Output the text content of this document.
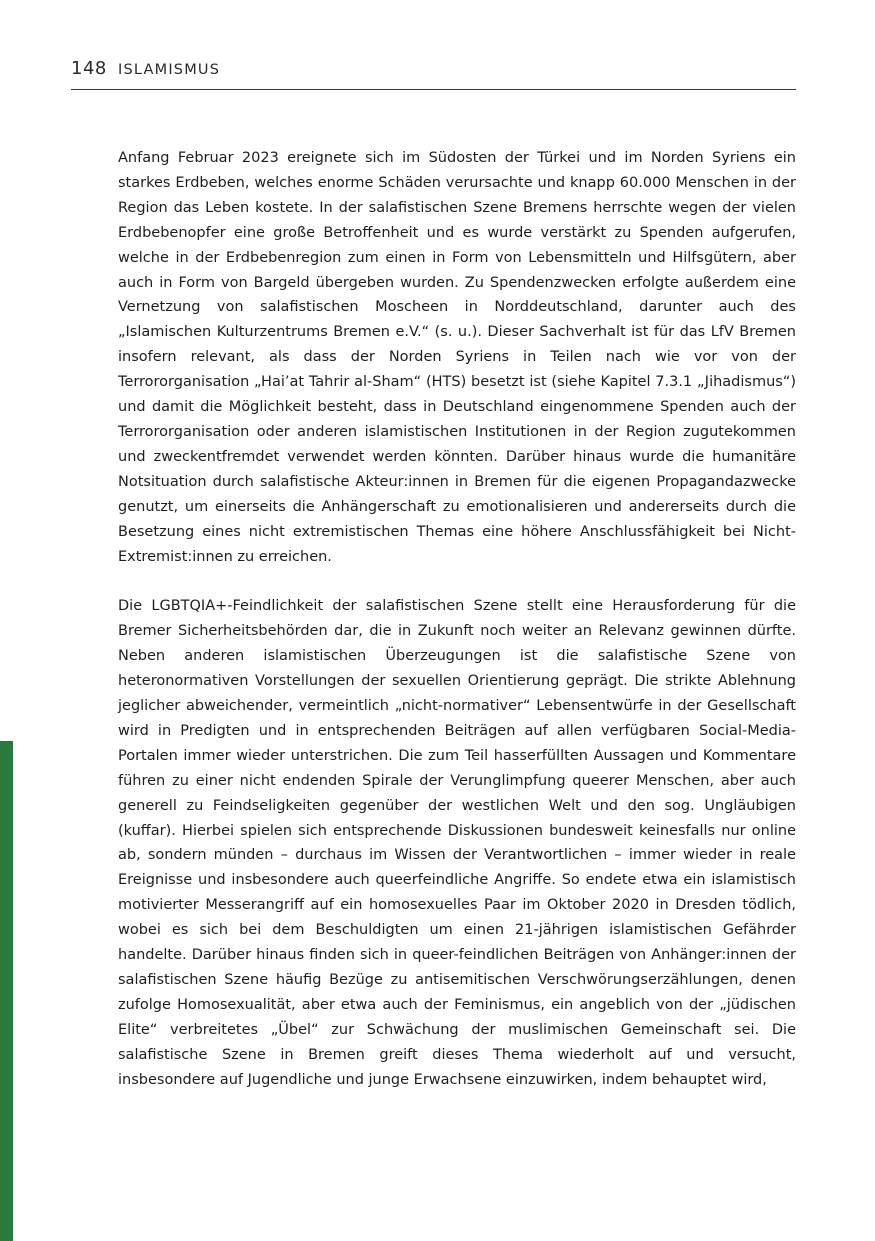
148 ISLAMISMUS

Anfang Februar 2023 ereignete sich im Südosten der Türkei und im Norden Syriens ein starkes Erdbeben, welches enorme Schäden verursachte und knapp 60.000 Menschen in der Region das Leben kostete. In der salafistischen Szene Bremens herrschte wegen der vielen Erdbebenopfer eine große Betroffenheit und es wurde verstärkt zu Spenden aufgerufen, welche in der Erdbebenregion zum einen in Form von Lebensmitteln und Hilfsgütern, aber auch in Form von Bargeld übergeben wurden. Zu Spendenzwecken erfolgte außerdem eine Vernetzung von salafistischen Moscheen in Norddeutschland, darunter auch des „Islamischen Kulturzentrums Bremen e.V.“ (s. u.). Dieser Sachverhalt ist für das LfV Bremen insofern relevant, als dass der Norden Syriens in Teilen nach wie vor von der Terrororganisation „Hai’at Tahrir al-Sham“ (HTS) besetzt ist (siehe Kapitel 7.3.1 „Jihadismus“) und damit die Möglichkeit besteht, dass in Deutschland eingenommene Spenden auch der Terrororganisation oder anderen islamistischen Institutionen in der Region zugutekommen und zweckentfremdet verwendet werden könnten. Darüber hinaus wurde die humanitäre Notsituation durch salafistische Akteur:innen in Bremen für die eigenen Propagandazwecke genutzt, um einerseits die Anhängerschaft zu emotionalisieren und andererseits durch die Besetzung eines nicht extremistischen Themas eine höhere Anschlussfähigkeit bei Nicht-Extremist:innen zu erreichen.

Die LGBTQIA+-Feindlichkeit der salafistischen Szene stellt eine Herausforderung für die Bremer Sicherheitsbehörden dar, die in Zukunft noch weiter an Relevanz gewinnen dürfte. Neben anderen islamistischen Überzeugungen ist die salafistische Szene von heteronormativen Vorstellungen der sexuellen Orientierung geprägt. Die strikte Ablehnung jeglicher abweichender, vermeintlich „nicht-normativer“ Lebensentwürfe in der Gesellschaft wird in Predigten und in entsprechenden Beiträgen auf allen verfügbaren Social-Media-Portalen immer wieder unterstrichen. Die zum Teil hasserfüllten Aussagen und Kommentare führen zu einer nicht endenden Spirale der Verunglimpfung queerer Menschen, aber auch generell zu Feindseligkeiten gegenüber der westlichen Welt und den sog. Ungläubigen (kuffar). Hierbei spielen sich entsprechende Diskussionen bundesweit keinesfalls nur online ab, sondern münden – durchaus im Wissen der Verantwortlichen – immer wieder in reale Ereignisse und insbesondere auch queerfeindliche Angriffe. So endete etwa ein islamistisch motivierter Messerangriff auf ein homosexuelles Paar im Oktober 2020 in Dresden tödlich, wobei es sich bei dem Beschuldigten um einen 21-jährigen islamistischen Gefährder handelte. Darüber hinaus finden sich in queer-feindlichen Beiträgen von Anhänger:innen der salafistischen Szene häufig Bezüge zu antisemitischen Verschwörungserzählungen, denen zufolge Homosexualität, aber etwa auch der Feminismus, ein angeblich von der „jüdischen Elite“ verbreitetes „Übel“ zur Schwächung der muslimischen Gemeinschaft sei. Die salafistische Szene in Bremen greift dieses Thema wiederholt auf und versucht, insbesondere auf Jugendliche und junge Erwachsene einzuwirken, indem behauptet wird,
